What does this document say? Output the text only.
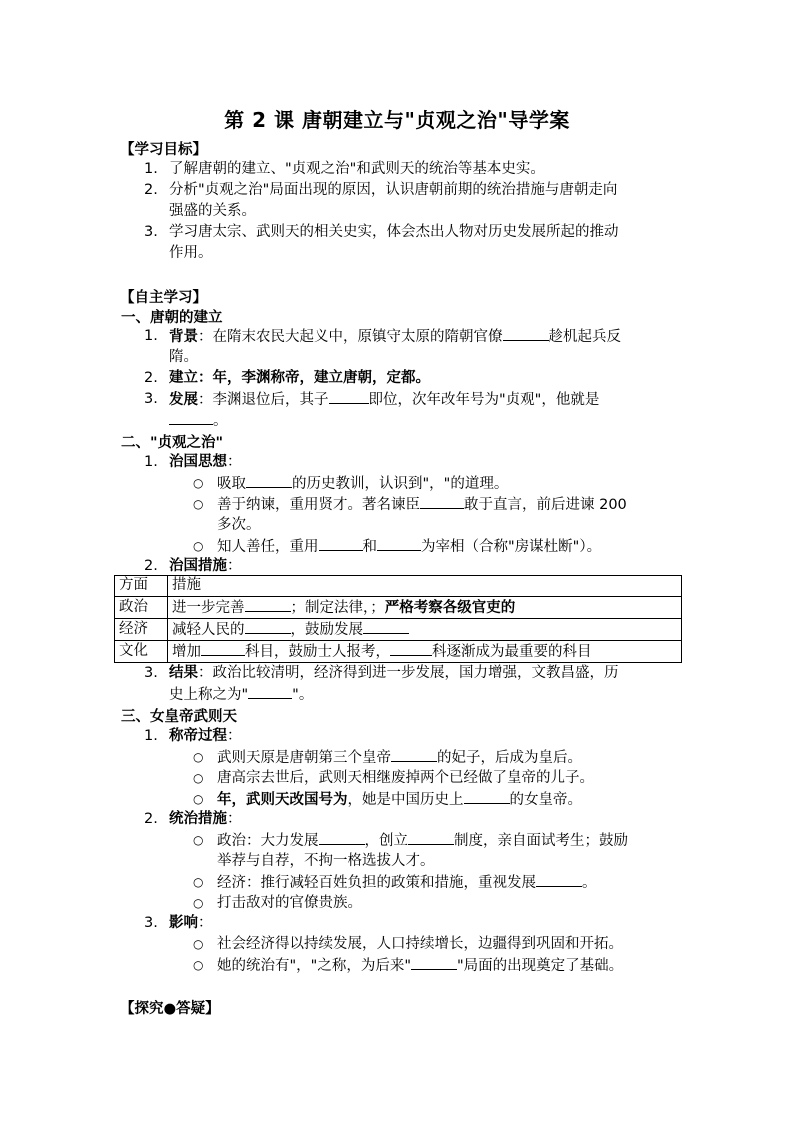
第 2 课 唐朝建立与"贞观之治"导学案
【学习目标】
1. 了解唐朝的建立、"贞观之治"和武则天的统治等基本史实。
2. 分析"贞观之治"局面出现的原因，认识唐朝前期的统治措施与唐朝走向
强盛的关系。
3. 学习唐太宗、武则天的相关史实，体会杰出人物对历史发展所起的推动
作用。
【自主学习】
一、唐朝的建立
1. 背景：在隋末农民大起义中，原镇守太原的隋朝官僚	趁机起兵反
隋。
2. 建立：年，李渊称帝，建立唐朝，定都。
3. 发展：李渊退位后，其子	即位，次年改年号为"贞观"，他就是
。
二、"贞观之治"
1. 治国思想：
○ 吸取	的历史教训，认识到"，"的道理。
○ 善于纳谏，重用贤才。著名谏臣	敢于直言，前后进谏 200
多次。
○ 知人善任，重用	和	为宰相（合称"房谋杜断"）。
2. 治国措施：
方面	措施
政治	进一步完善 ；制定法律，；严格考察各级官吏的
经济	减轻人民的 ，鼓励发展
文化	增加 科目，鼓励士人报考， 科逐渐成为最重要的科目
3. 结果：政治比较清明，经济得到进一步发展，国力增强，文教昌盛，历
史上称之为"	"。
三、女皇帝武则天
1. 称帝过程：
○ 武则天原是唐朝第三个皇帝	的妃子，后成为皇后。
○ 唐高宗去世后，武则天相继废掉两个已经做了皇帝的儿子。
○ 年，武则天改国号为，她是中国历史上	的女皇帝。
2. 统治措施：
○ 政治：大力发展	，创立	制度，亲自面试考生；鼓励
举荐与自荐，不拘一格选拔人才。
○ 经济：推行减轻百姓负担的政策和措施，重视发展	。
○ 打击敌对的官僚贵族。
3. 影响：
○ 社会经济得以持续发展，人口持续增长，边疆得到巩固和开拓。
○ 她的统治有"，"之称，为后来"	"局面的出现奠定了基础。
【探究●答疑】
